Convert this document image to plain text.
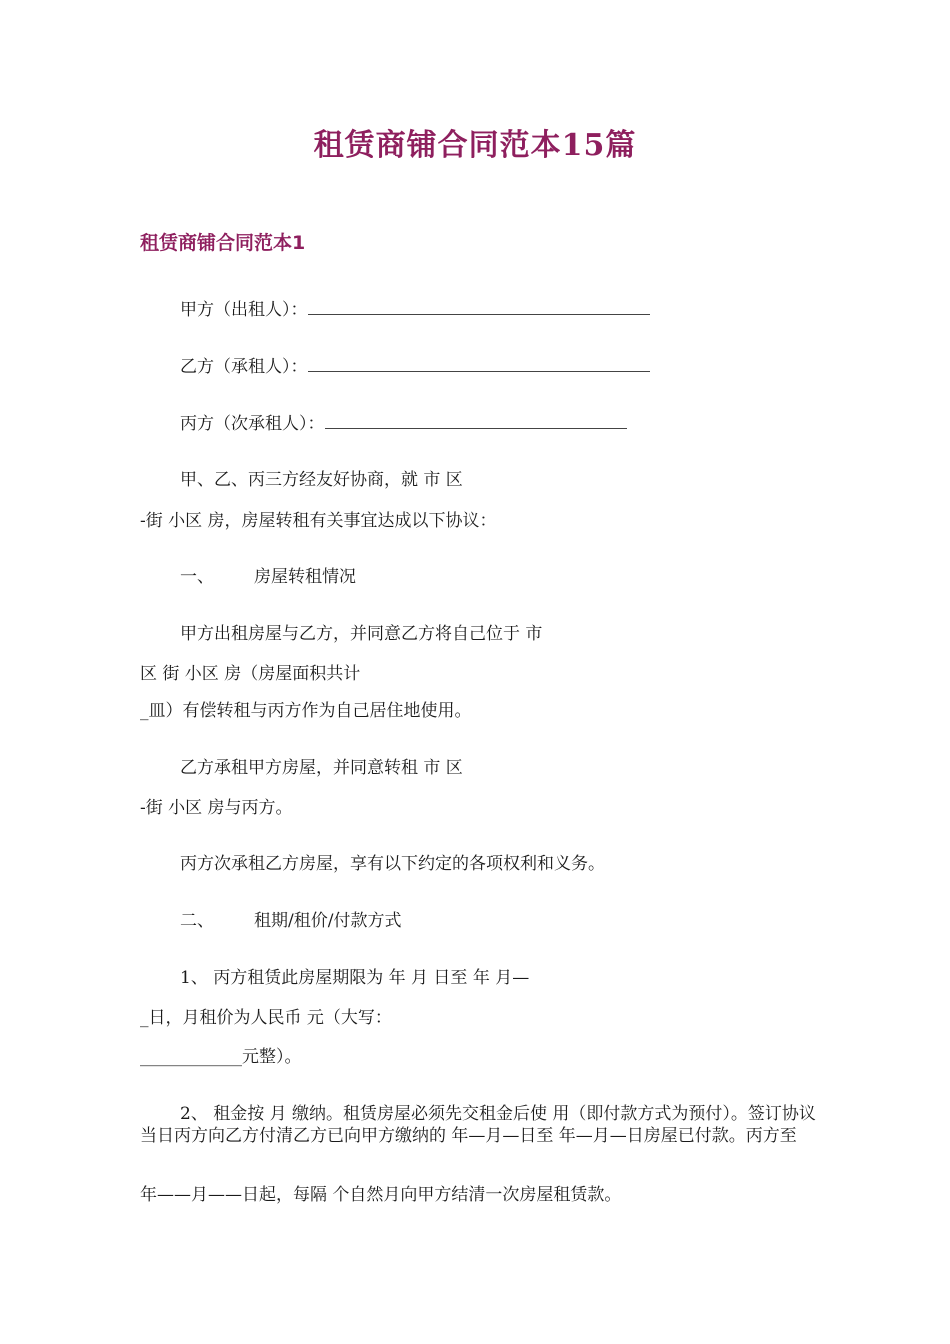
租赁商铺合同范本15篇
租赁商铺合同范本1
甲方（出租人）：
乙方（承租人）：
丙方（次承租人）：
甲、乙、丙三方经友好协商，就 市 区
-街 小区 房，房屋转租有关事宜达成以下协议：
一、 房屋转租情况
甲方出租房屋与乙方，并同意乙方将自己位于 市
区 街 小区 房（房屋面积共计
_皿）有偿转租与丙方作为自己居住地使用。
乙方承租甲方房屋，并同意转租 市 区
-街 小区 房与丙方。
丙方次承租乙方房屋，享有以下约定的各项权利和义务。
二、 租期/租价/付款方式
1、 丙方租赁此房屋期限为 年 月 日至 年 月—
_日，月租价为人民币 元（大写：
____________元整）。
2、 租金按 月 缴纳。租赁房屋必须先交租金后使 用（即付款方式为预付）。签订协议当日丙方向乙方付清乙方已向甲方缴纳的 年—月—日至 年—月—日房屋已付款。丙方至
年——月——日起，每隔 个自然月向甲方结清一次房屋租赁款。
